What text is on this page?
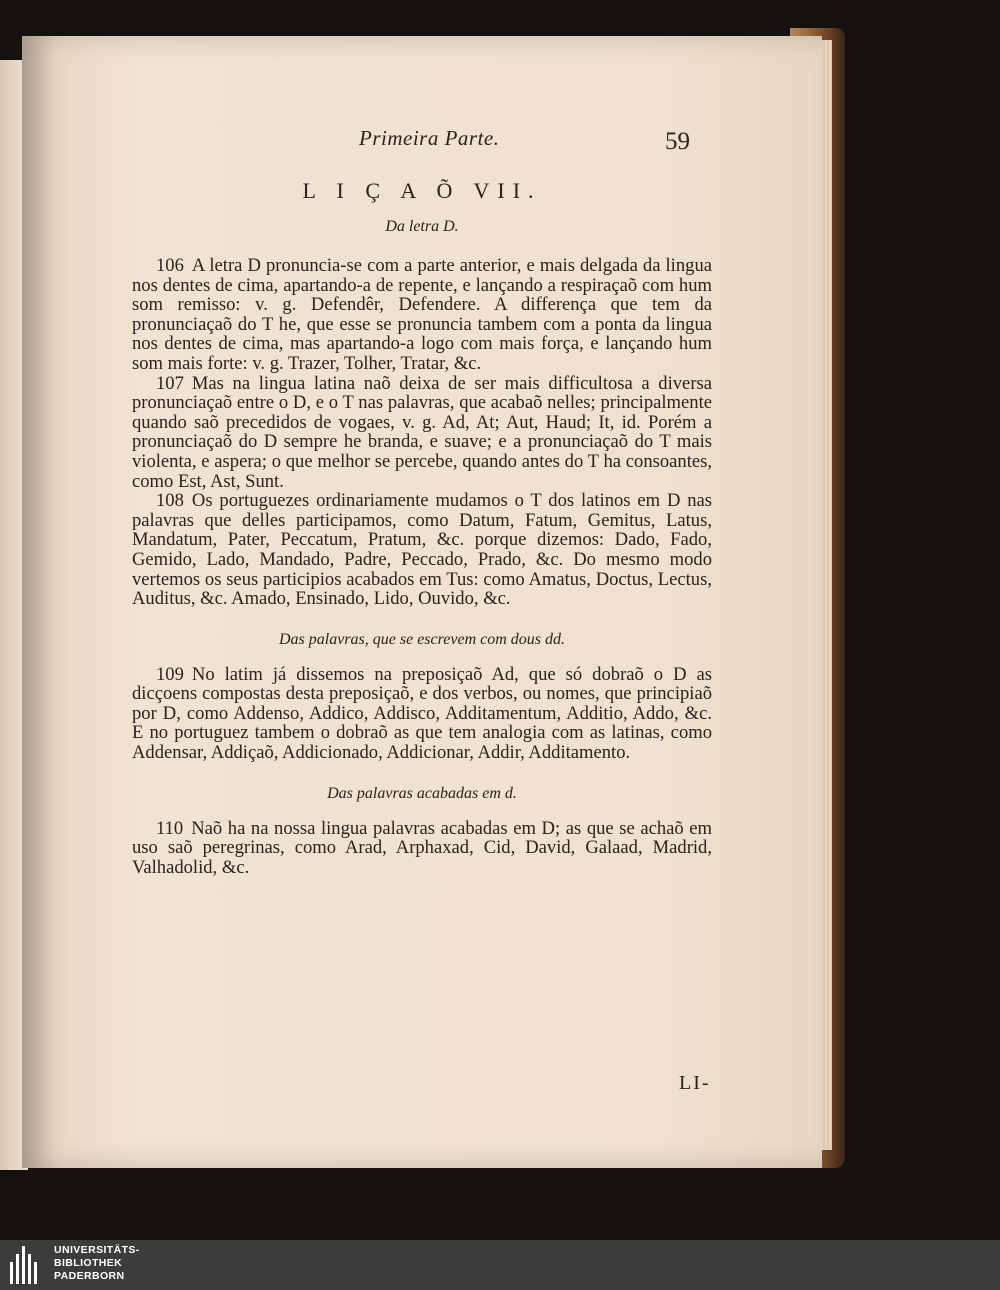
Primeira Parte.	59
L I Ç A Õ VII.
Da letra D.

106 A letra D pronuncia-se com a parte anterior, e mais delgada da lingua nos dentes de cima, apartando-a de repente, e lançando a respiraçaõ com hum som remisso: v. g. Defendêr, Defendere. A differença que tem da pronunciaçaõ do T he, que esse se pronuncia tambem com a ponta da lingua nos dentes de cima, mas apartando-a logo com mais força, e lançando hum som mais forte: v. g. Trazer, Tolher, Tratar, &c.

107 Mas na lingua latina naõ deixa de ser mais difficultosa a diversa pronunciaçaõ entre o D, e o T nas palavras, que acabaõ nelles; principalmente quando saõ precedidos de vogaes, v. g. Ad, At; Aut, Haud; It, id. Porém a pronunciaçaõ do D sempre he branda, e suave; e a pronunciaçaõ do T mais violenta, e aspera; o que melhor se percebe, quando antes do T ha consoantes, como Est, Ast, Sunt.

108 Os portuguezes ordinariamente mudamos o T dos latinos em D nas palavras que delles participamos, como Datum, Fatum, Gemitus, Latus, Mandatum, Pater, Peccatum, Pratum, &c. porque dizemos: Dado, Fado, Gemido, Lado, Mandado, Padre, Peccado, Prado, &c. Do mesmo modo vertemos os seus participios acabados em Tus: como Amatus, Doctus, Lectus, Auditus, &c. Amado, Ensinado, Lido, Ouvido, &c.

Das palavras, que se escrevem com dous dd.

109 No latim já dissemos na preposiçaõ Ad, que só dobraõ o D as dicçoens compostas desta preposiçaõ, e dos verbos, ou nomes, que principiaõ por D, como Addenso, Addico, Addisco, Additamentum, Additio, Addo, &c. E no portuguez tambem o dobraõ as que tem analogia com as latinas, como Addensar, Addiçaõ, Addicionado, Addicionar, Addir, Additamento.

Das palavras acabadas em d.

110 Naõ ha na nossa lingua palavras acabadas em D; as que se achaõ em uso saõ peregrinas, como Arad, Arphaxad, Cid, David, Galaad, Madrid, Valhadolid, &c.

LI-
UNIVERSITÄTS-
BIBLIOTHEK
PADERBORN
